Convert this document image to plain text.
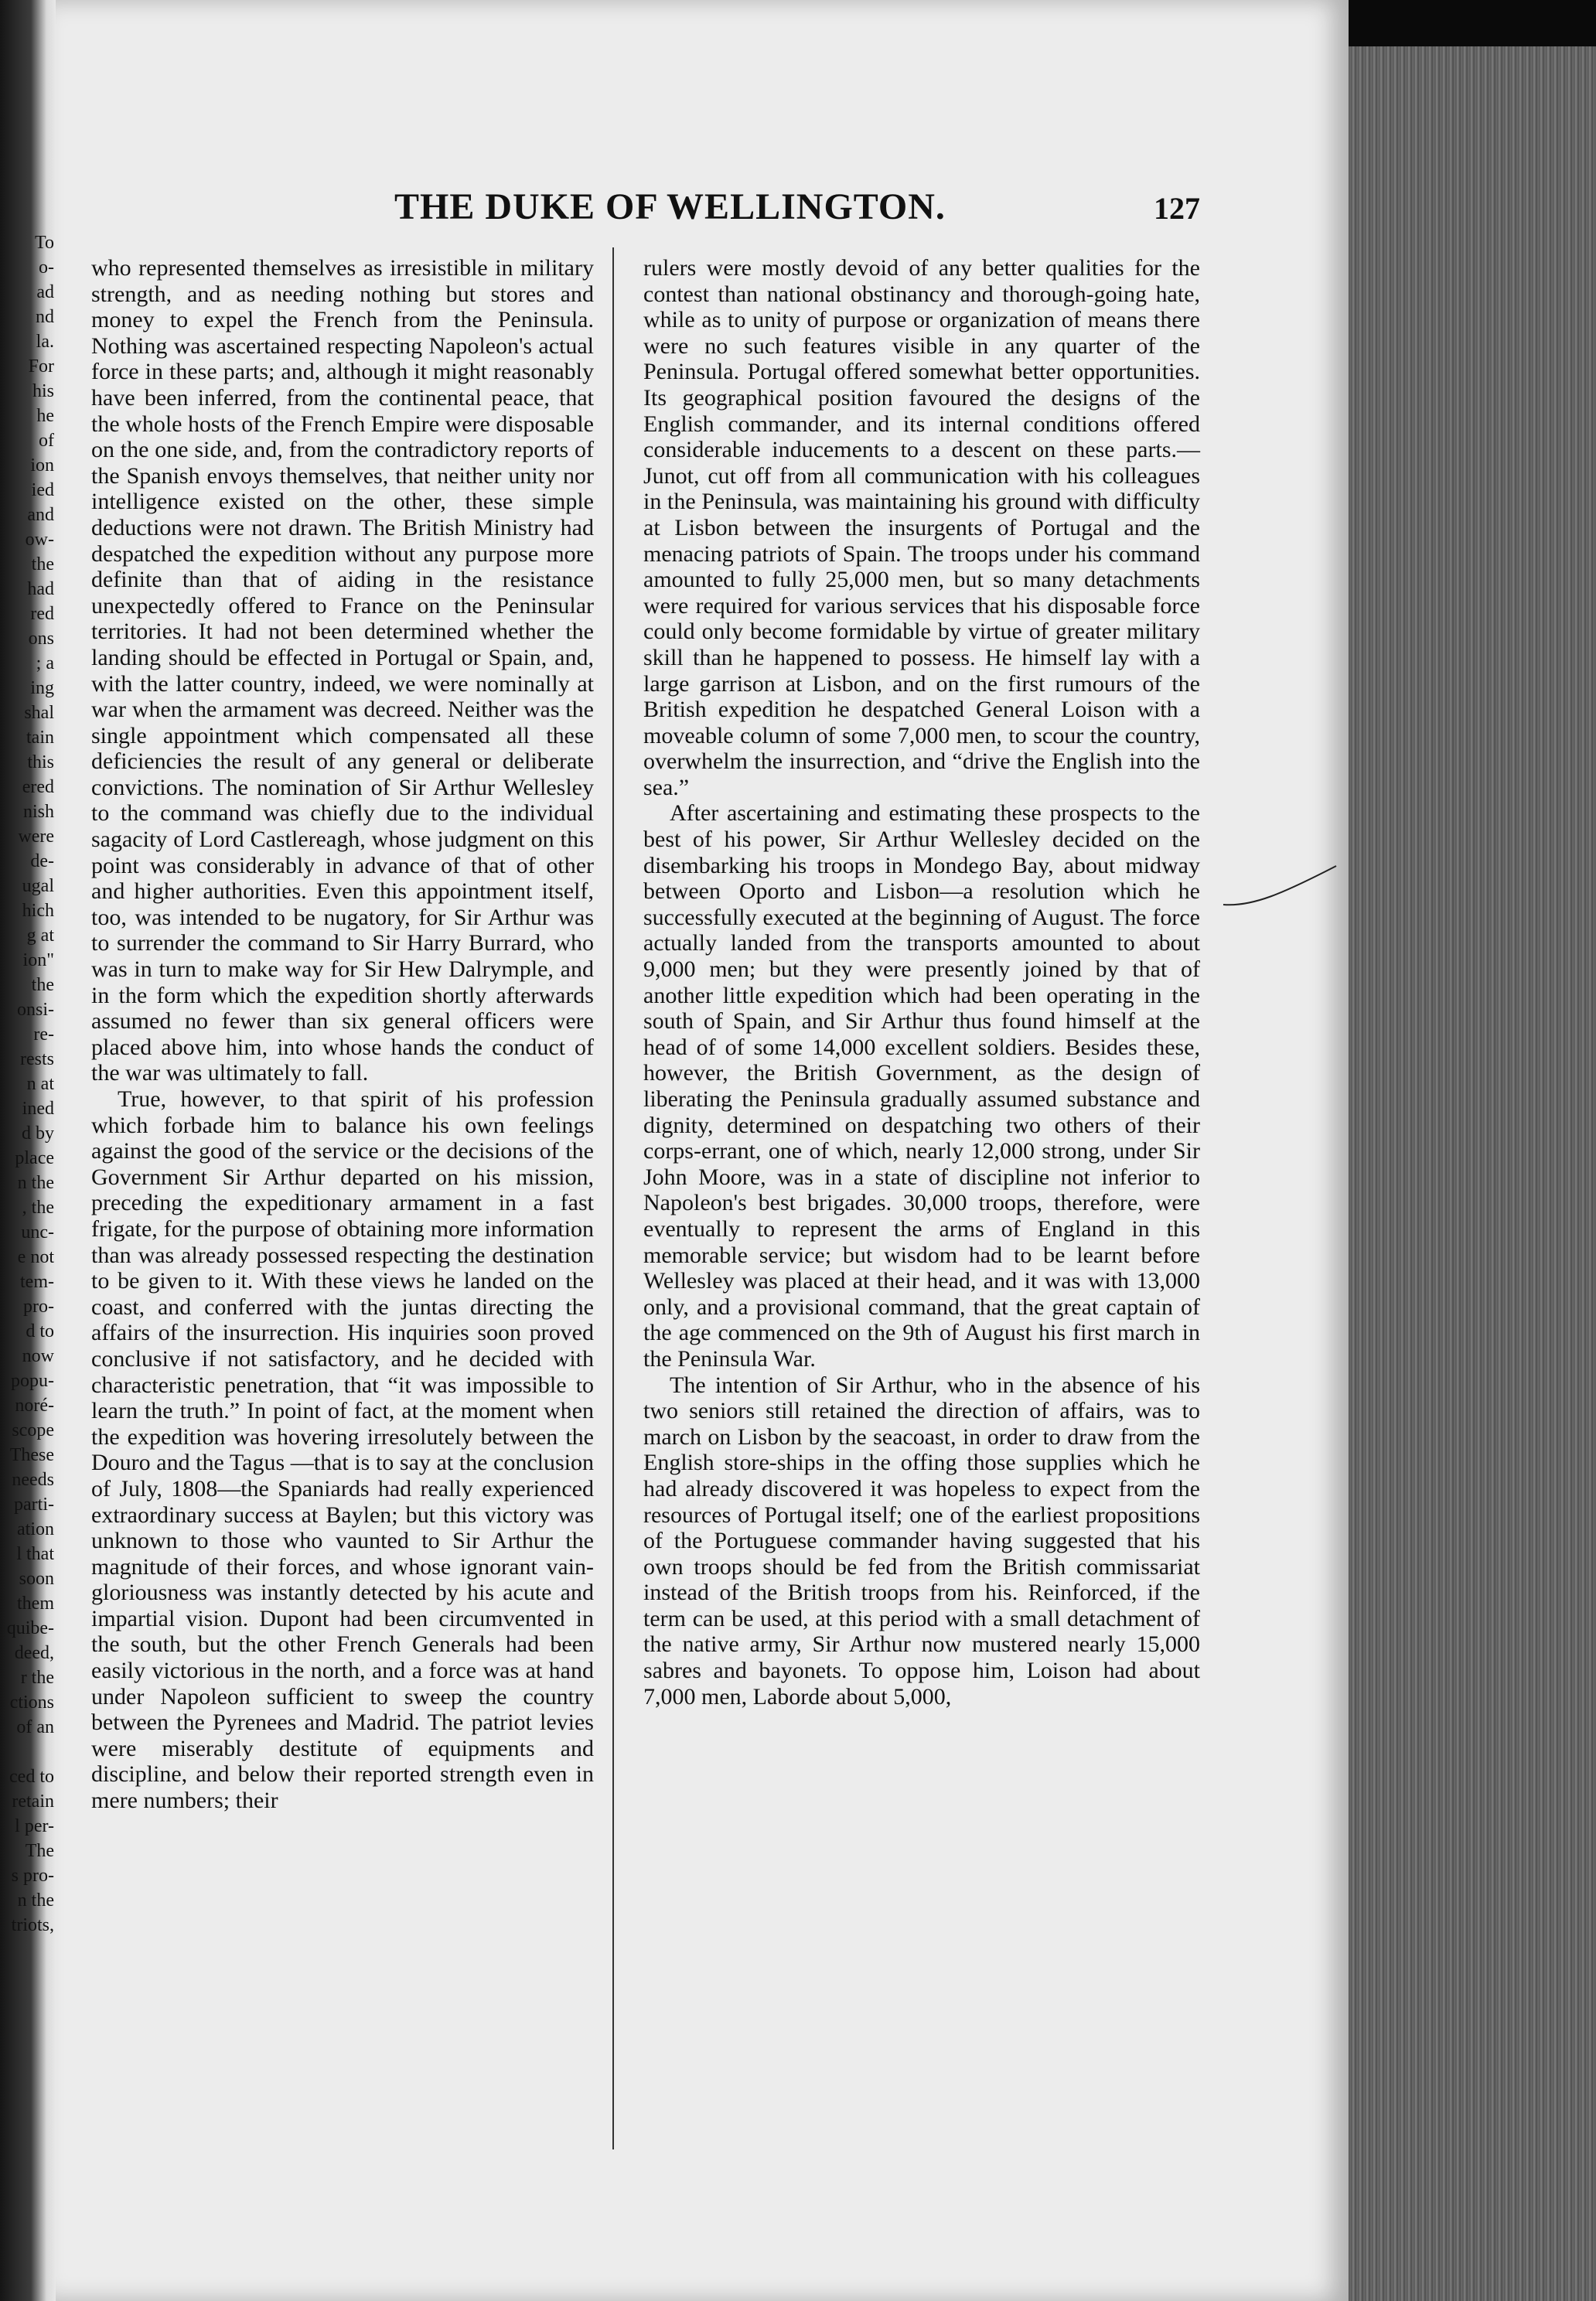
To
o-
ad
nd
la.
For
his
he
of
ion
ied
and
ow-
the
had
red
ons
; a
ing
shal
tain
this
ered
nish
were
de-
ugal
hich
g at
ion"
the
onsi-
re-
rests
n at
ined
d by
place
n the
, the
unc-
e not
tem-
pro-
d to
now
popu-
noré-
scope
These
needs
parti-
ation
l that
soon
them
quibe-
deed,
r the
ctions
of an
ced to
retain
l per-
The
s pro-
n the
triots,
THE DUKE OF WELLINGTON.	127

who represented themselves as irresistible in military strength, and as needing nothing but stores and money to expel the French from the Peninsula. Nothing was ascertained respecting Napoleon's actual force in these parts; and, although it might reasonably have been inferred, from the continental peace, that the whole hosts of the French Empire were disposable on the one side, and, from the contradictory reports of the Spanish envoys themselves, that neither unity nor intelligence existed on the other, these simple deductions were not drawn. The British Ministry had despatched the expedition without any purpose more definite than that of aiding in the resistance unexpectedly offered to France on the Peninsular territories. It had not been determined whether the landing should be effected in Portugal or Spain, and, with the latter country, indeed, we were nominally at war when the armament was decreed. Neither was the single appointment which compensated all these deficiencies the result of any general or deliberate convictions. The nomination of Sir Arthur Wellesley to the command was chiefly due to the individual sagacity of Lord Castlereagh, whose judgment on this point was considerably in advance of that of other and higher authorities. Even this appointment itself, too, was intended to be nugatory, for Sir Arthur was to surrender the command to Sir Harry Burrard, who was in turn to make way for Sir Hew Dalrymple, and in the form which the expedition shortly afterwards assumed no fewer than six general officers were placed above him, into whose hands the conduct of the war was ultimately to fall.

True, however, to that spirit of his profession which forbade him to balance his own feelings against the good of the service or the decisions of the Government Sir Arthur departed on his mission, preceding the expeditionary armament in a fast frigate, for the purpose of obtaining more information than was already possessed respecting the destination to be given to it. With these views he landed on the coast, and conferred with the juntas directing the affairs of the insurrection. His inquiries soon proved conclusive if not satisfactory, and he decided with characteristic penetration, that “it was impossible to learn the truth.” In point of fact, at the moment when the expedition was hovering irresolutely between the Douro and the Tagus —that is to say at the conclusion of July, 1808—the Spaniards had really experienced extraordinary success at Baylen; but this victory was unknown to those who vaunted to Sir Arthur the magnitude of their forces, and whose ignorant vain-gloriousness was instantly detected by his acute and impartial vision. Dupont had been circumvented in the south, but the other French Generals had been easily victorious in the north, and a force was at hand under Napoleon sufficient to sweep the country between the Pyrenees and Madrid. The patriot levies were miserably destitute of equipments and discipline, and below their reported strength even in mere numbers; their

rulers were mostly devoid of any better qualities for the contest than national obstinancy and thorough-going hate, while as to unity of purpose or organization of means there were no such features visible in any quarter of the Peninsula. Portugal offered somewhat better opportunities. Its geographical position favoured the designs of the English commander, and its internal conditions offered considerable inducements to a descent on these parts.—Junot, cut off from all communication with his colleagues in the Peninsula, was maintaining his ground with difficulty at Lisbon between the insurgents of Portugal and the menacing patriots of Spain. The troops under his command amounted to fully 25,000 men, but so many detachments were required for various services that his disposable force could only become formidable by virtue of greater military skill than he happened to possess. He himself lay with a large garrison at Lisbon, and on the first rumours of the British expedition he despatched General Loison with a moveable column of some 7,000 men, to scour the country, overwhelm the insurrection, and “drive the English into the sea.”

After ascertaining and estimating these prospects to the best of his power, Sir Arthur Wellesley decided on the disembarking his troops in Mondego Bay, about midway between Oporto and Lisbon—a resolution which he successfully executed at the beginning of August. The force actually landed from the transports amounted to about 9,000 men; but they were presently joined by that of another little expedition which had been operating in the south of Spain, and Sir Arthur thus found himself at the head of of some 14,000 excellent soldiers. Besides these, however, the British Government, as the design of liberating the Peninsula gradually assumed substance and dignity, determined on despatching two others of their corps-errant, one of which, nearly 12,000 strong, under Sir John Moore, was in a state of discipline not inferior to Napoleon's best brigades. 30,000 troops, therefore, were eventually to represent the arms of England in this memorable service; but wisdom had to be learnt before Wellesley was placed at their head, and it was with 13,000 only, and a provisional command, that the great captain of the age commenced on the 9th of August his first march in the Peninsula War.

The intention of Sir Arthur, who in the absence of his two seniors still retained the direction of affairs, was to march on Lisbon by the seacoast, in order to draw from the English store-ships in the offing those supplies which he had already discovered it was hopeless to expect from the resources of Portugal itself; one of the earliest propositions of the Portuguese commander having suggested that his own troops should be fed from the British commissariat instead of the British troops from his. Reinforced, if the term can be used, at this period with a small detachment of the native army, Sir Arthur now mustered nearly 15,000 sabres and bayonets. To oppose him, Loison had about 7,000 men, Laborde about 5,000,
